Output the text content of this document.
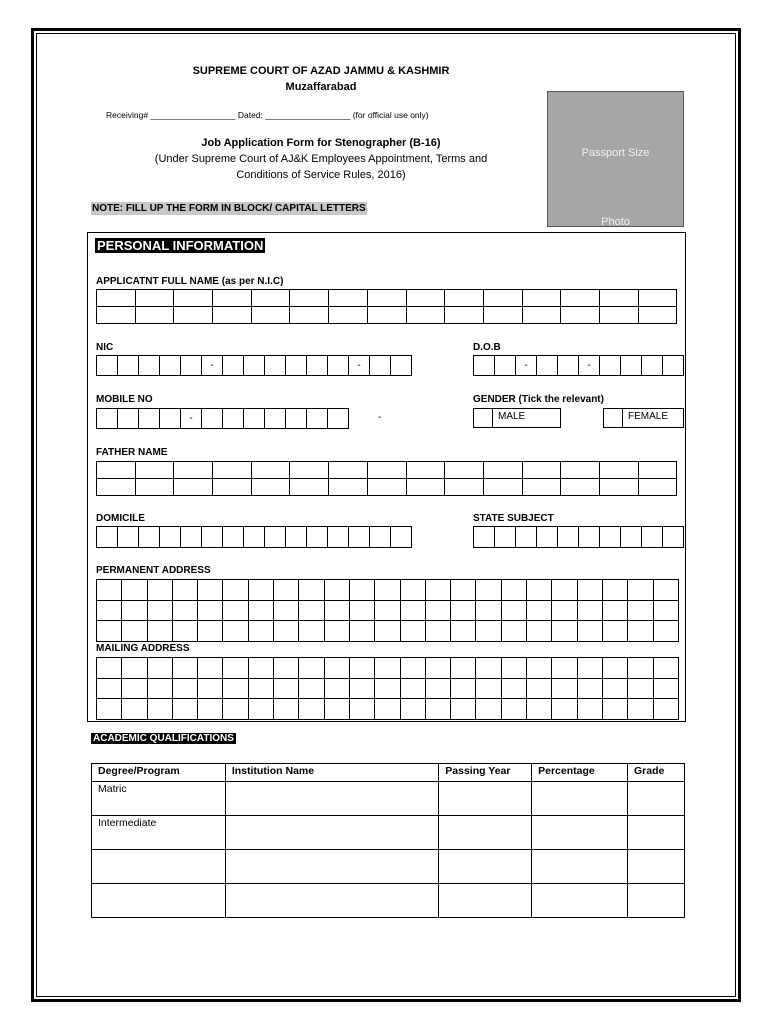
SUPREME COURT OF AZAD JAMMU & KASHMIR
Muzaffarabad
Receiving# __________________ Dated: __________________ (for official use only)
Job Application Form for Stenographer (B-16)
(Under Supreme Court of AJ&K Employees Appointment, Terms and
Conditions of Service Rules, 2016)
NOTE: FILL UP THE FORM IN BLOCK/ CAPITAL LETTERS
Passport Size
Photo
PERSONAL INFORMATION
APPLICATNT FULL NAME (as per N.I.C)
NIC
-	-
D.O.B
-	-
MOBILE NO
-	-
GENDER (Tick the relevant)
MALE	FEMALE
FATHER NAME
DOMICILE	STATE SUBJECT
PERMANENT ADDRESS
MAILING ADDRESS
ACADEMIC QUALIFICATIONS
Degree/Program	Institution Name	Passing Year	Percentage	Grade
Matric				
Intermediate				
